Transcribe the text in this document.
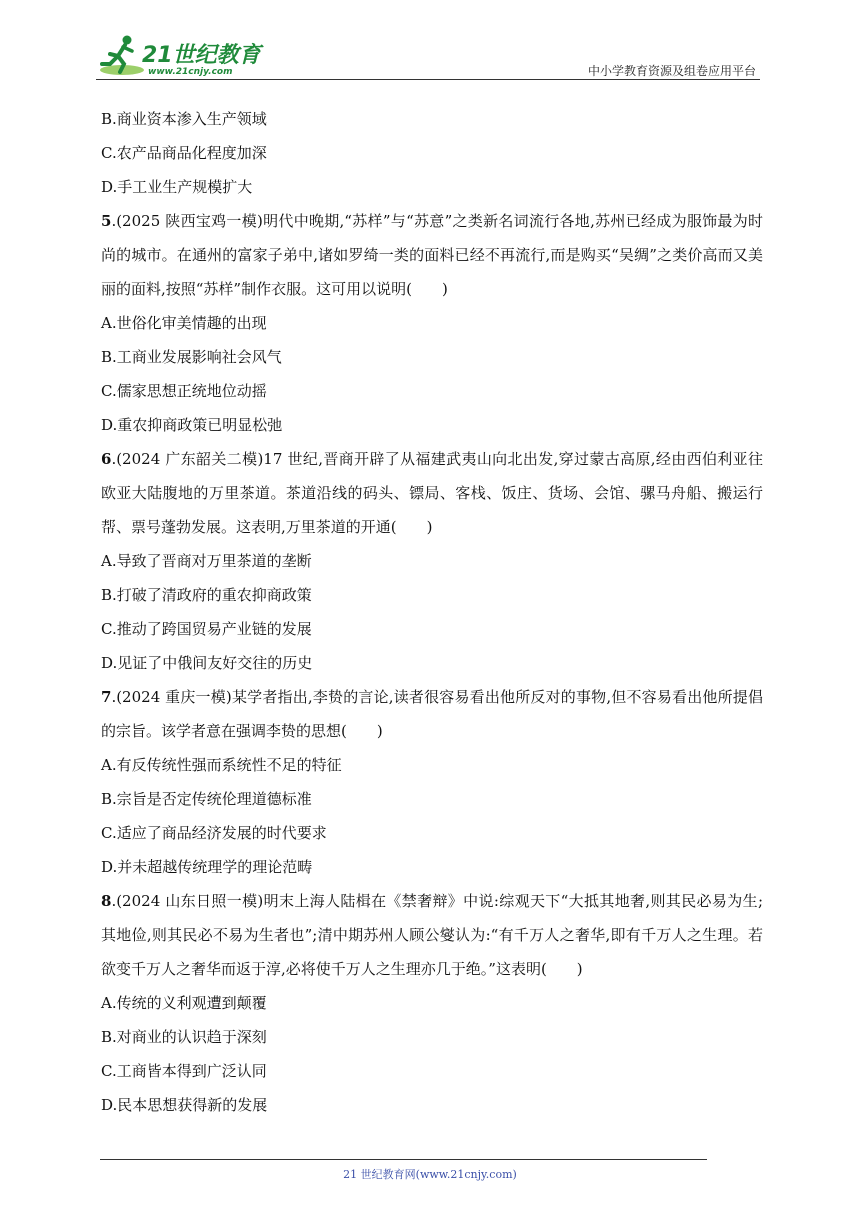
21世纪教育
www.21cnjy.com	中小学教育资源及组卷应用平台
B.商业资本渗入生产领域
C.农产品商品化程度加深
D.手工业生产规模扩大
5.(2025 陕西宝鸡一模)明代中晚期,“苏样”与“苏意”之类新名词流行各地,苏州已经成为服饰最为时尚的城市。在通州的富家子弟中,诸如罗绮一类的面料已经不再流行,而是购买“吴绸”之类价高而又美丽的面料,按照“苏样”制作衣服。这可用以说明(　　)
A.世俗化审美情趣的出现
B.工商业发展影响社会风气
C.儒家思想正统地位动摇
D.重农抑商政策已明显松弛
6.(2024 广东韶关二模)17 世纪,晋商开辟了从福建武夷山向北出发,穿过蒙古高原,经由西伯利亚往欧亚大陆腹地的万里茶道。茶道沿线的码头、镖局、客栈、饭庄、货场、会馆、骡马舟船、搬运行帮、票号蓬勃发展。这表明,万里茶道的开通(　　)
A.导致了晋商对万里茶道的垄断
B.打破了清政府的重农抑商政策
C.推动了跨国贸易产业链的发展
D.见证了中俄间友好交往的历史
7.(2024 重庆一模)某学者指出,李贽的言论,读者很容易看出他所反对的事物,但不容易看出他所提倡的宗旨。该学者意在强调李贽的思想(　　)
A.有反传统性强而系统性不足的特征
B.宗旨是否定传统伦理道德标准
C.适应了商品经济发展的时代要求
D.并未超越传统理学的理论范畴
8.(2024 山东日照一模)明末上海人陆楫在《禁奢辩》中说:综观天下“大抵其地奢,则其民必易为生;其地俭,则其民必不易为生者也”;清中期苏州人顾公燮认为:“有千万人之奢华,即有千万人之生理。若欲变千万人之奢华而返于淳,必将使千万人之生理亦几于绝。”这表明(　　)
A.传统的义利观遭到颠覆
B.对商业的认识趋于深刻
C.工商皆本得到广泛认同
D.民本思想获得新的发展
21 世纪教育网(www.21cnjy.com)
